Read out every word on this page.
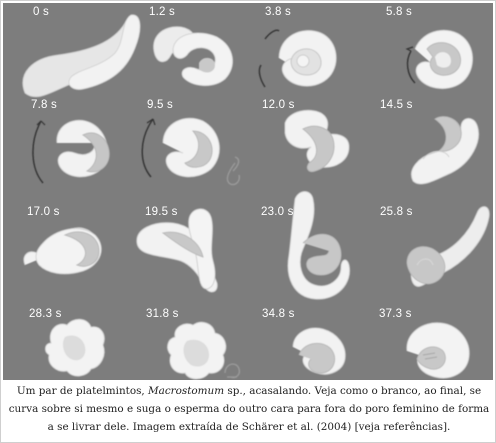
0 s	1.2 s	3.8 s	5.8 s
7.8 s	9.5 s	12.0 s	14.5 s
17.0 s	19.5 s	23.0 s	25.8 s
28.3 s	31.8 s	34.8 s	37.3 s
Um par de platelmintos, Macrostomum sp., acasalando. Veja como o branco, ao final, se curva sobre si mesmo e suga o esperma do outro cara para fora do poro feminino de forma a se livrar dele. Imagem extraída de Schärer et al. (2004) [veja referências].
